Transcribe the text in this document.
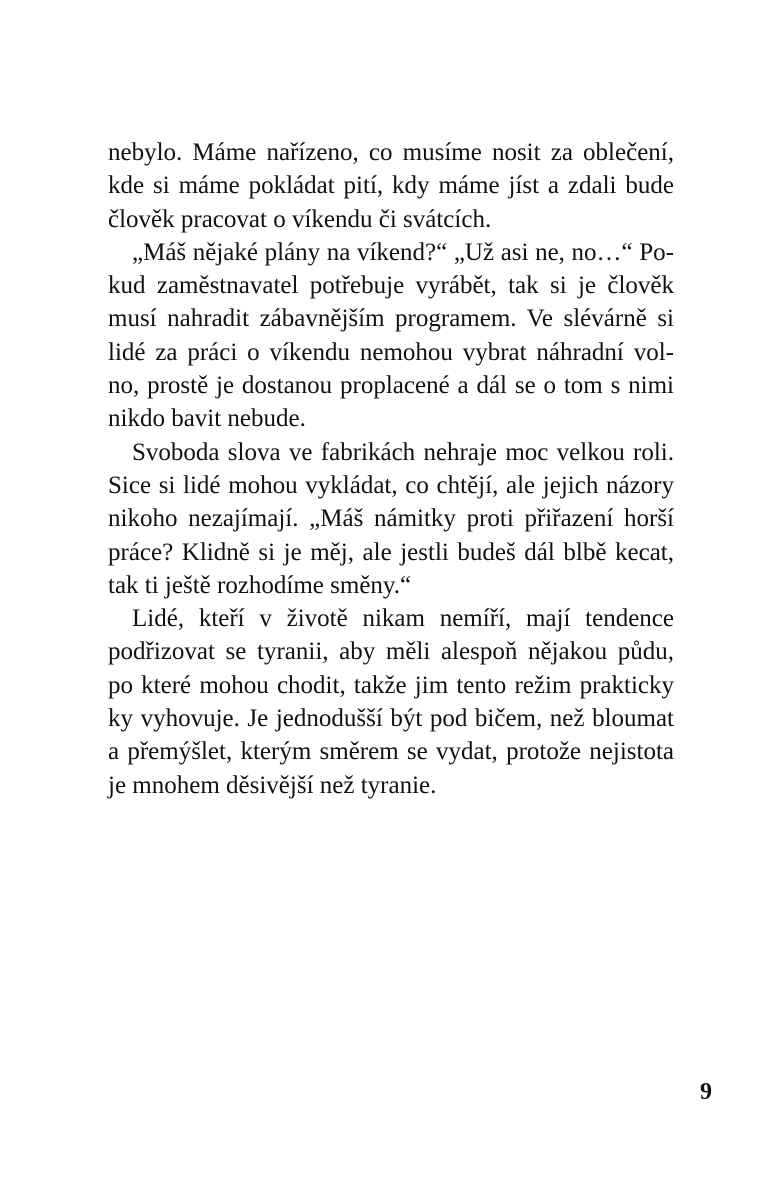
nebylo. Máme nařízeno, co musíme nosit za oblečení,
kde si máme pokládat pití, kdy máme jíst a zdali bude
člověk pracovat o víkendu či svátcích.
„Máš nějaké plány na víkend?“ „Už asi ne, no…“ Po-
kud zaměstnavatel potřebuje vyrábět, tak si je člověk
musí nahradit zábavnějším programem. Ve slévárně si
lidé za práci o víkendu nemohou vybrat náhradní vol-
no, prostě je dostanou proplacené a dál se o tom s nimi
nikdo bavit nebude.
Svoboda slova ve fabrikách nehraje moc velkou roli.
Sice si lidé mohou vykládat, co chtějí, ale jejich názory
nikoho nezajímají. „Máš námitky proti přiřazení horší
práce? Klidně si je měj, ale jestli budeš dál blbě kecat,
tak ti ještě rozhodíme směny.“
Lidé, kteří v životě nikam nemíří, mají tendence
podřizovat se tyranii, aby měli alespoň nějakou půdu,
po které mohou chodit, takže jim tento režim prakticky
ky vyhovuje. Je jednodušší být pod bičem, než bloumat
a přemýšlet, kterým směrem se vydat, protože nejistota
je mnohem děsivější než tyranie.
9
